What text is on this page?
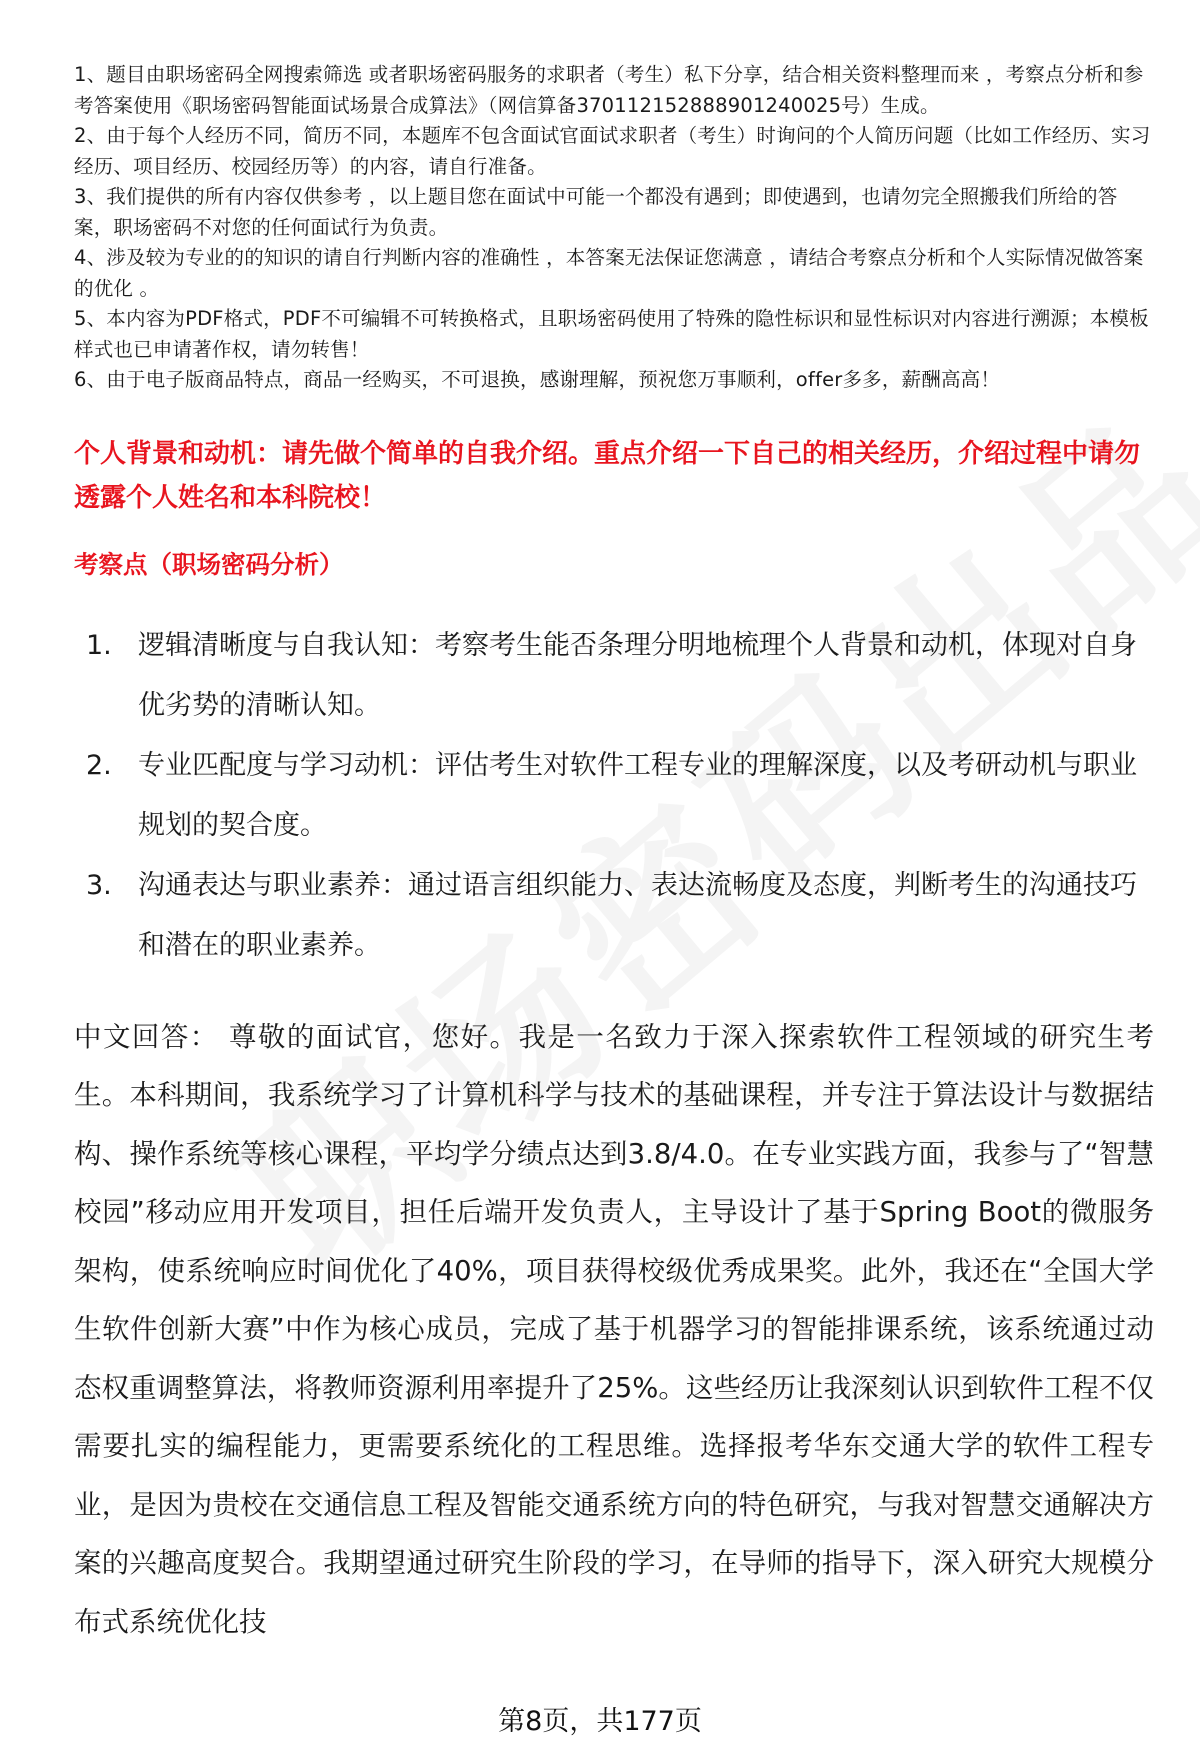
1、题目由职场密码全网搜索筛选 或者职场密码服务的求职者（考生）私下分享，结合相关资料整理而来 ，考察点分析和参考答案使用《职场密码智能面试场景合成算法》（网信算备370112152888901240025号）生成。

2、由于每个人经历不同，简历不同，本题库不包含面试官面试求职者（考生）时询问的个人简历问题（比如工作经历、实习经历、项目经历、校园经历等）的内容，请自行准备。

3、我们提供的所有内容仅供参考 ，以上题目您在面试中可能一个都没有遇到；即使遇到，也请勿完全照搬我们所给的答案，职场密码不对您的任何面试行为负责。

4、涉及较为专业的的知识的请自行判断内容的准确性 ，本答案无法保证您满意 ，请结合考察点分析和个人实际情况做答案的优化 。

5、本内容为PDF格式，PDF不可编辑不可转换格式，且职场密码使用了特殊的隐性标识和显性标识对内容进行溯源；本模板样式也已申请著作权，请勿转售！

6、由于电子版商品特点，商品一经购买，不可退换，感谢理解，预祝您万事顺利，offer多多，薪酬高高！

个人背景和动机：请先做个简单的自我介绍。重点介绍一下自己的相关经历，介绍过程中请勿透露个人姓名和本科院校！
考察点（职场密码分析）
1. 逻辑清晰度与自我认知：考察考生能否条理分明地梳理个人背景和动机，体现对自身优劣势的清晰认知。
2. 专业匹配度与学习动机：评估考生对软件工程专业的理解深度，以及考研动机与职业规划的契合度。
3. 沟通表达与职业素养：通过语言组织能力、表达流畅度及态度，判断考生的沟通技巧和潜在的职业素养。
中文回答： 尊敬的面试官，您好。我是一名致力于深入探索软件工程领域的研究生考生。本科期间，我系统学习了计算机科学与技术的基础课程，并专注于算法设计与数据结构、操作系统等核心课程，平均学分绩点达到3.8/4.0。在专业实践方面，我参与了“智慧校园”移动应用开发项目，担任后端开发负责人，主导设计了基于Spring Boot的微服务架构，使系统响应时间优化了40%，项目获得校级优秀成果奖。此外，我还在“全国大学生软件创新大赛”中作为核心成员，完成了基于机器学习的智能排课系统，该系统通过动态权重调整算法，将教师资源利用率提升了25%。这些经历让我深刻认识到软件工程不仅需要扎实的编程能力，更需要系统化的工程思维。选择报考华东交通大学的软件工程专业，是因为贵校在交通信息工程及智能交通系统方向的特色研究，与我对智慧交通解决方案的兴趣高度契合。我期望通过研究生阶段的学习，在导师的指导下，深入研究大规模分布式系统优化技
第8页，共177页
